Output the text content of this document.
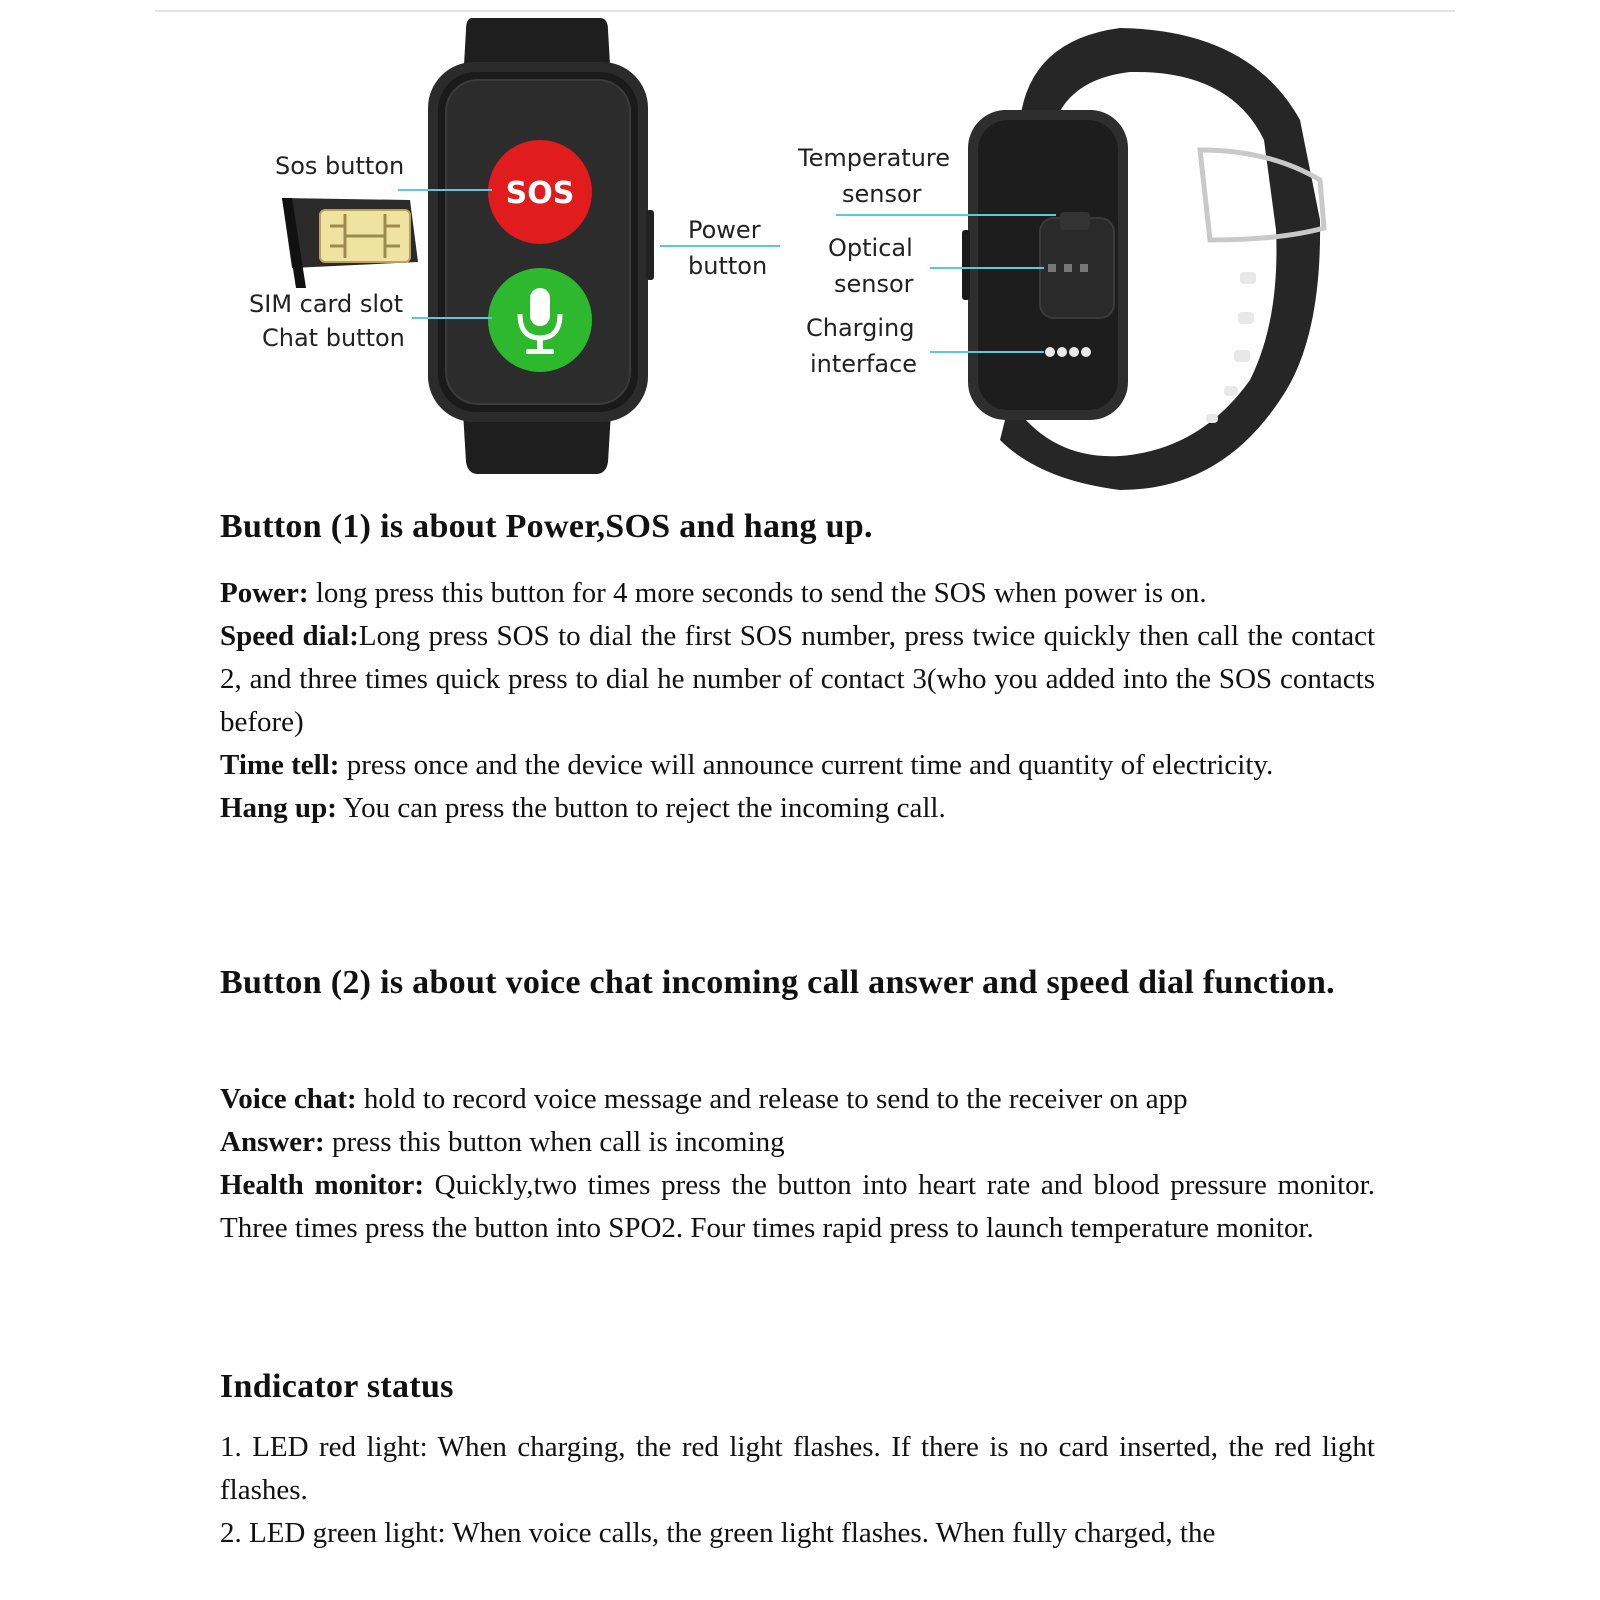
SOS
Sos button
SIM card slot
Chat button
Power
button
Temperature
sensor
Optical
sensor
Charging
interface
Button (1) is about Power,SOS and hang up.
Power: long press this button for 4 more seconds to send the SOS when power is on.
Speed dial:Long press SOS to dial the first SOS number, press twice quickly then call the contact 2, and three times quick press to dial he number of contact 3(who you added into the SOS contacts before)
Time tell: press once and the device will announce current time and quantity of electricity.
Hang up: You can press the button to reject the incoming call.
Button (2) is about voice chat incoming call answer and speed dial function.
Voice chat: hold to record voice message and release to send to the receiver on app
Answer: press this button when call is incoming
Health monitor: Quickly,two times press the button into heart rate and blood pressure monitor. Three times press the button into SPO2. Four times rapid press to launch temperature monitor.
Indicator status
1. LED red light: When charging, the red light flashes. If there is no card inserted, the red light flashes.
2. LED green light: When voice calls, the green light flashes. When fully charged, the
